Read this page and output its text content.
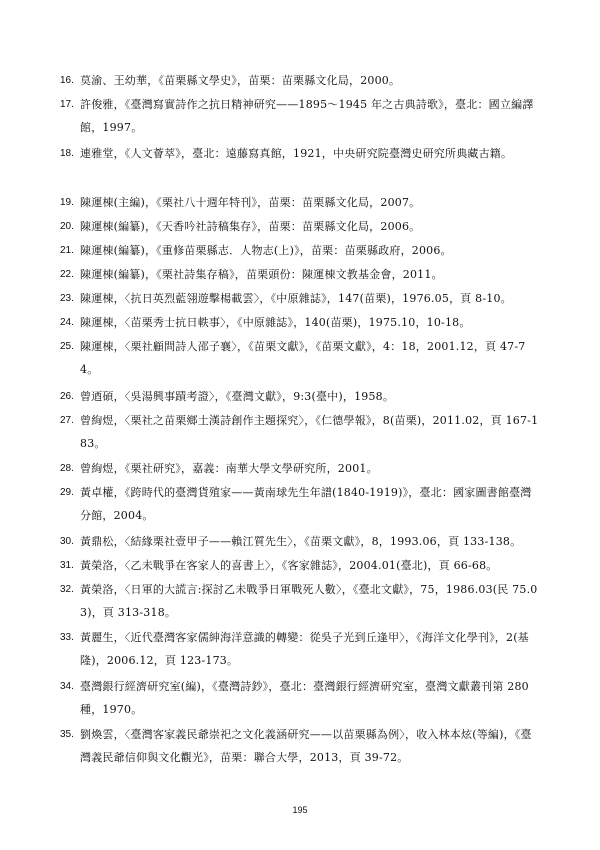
16. 莫渝、王幼華，《苗栗縣文學史》，苗栗：苗栗縣文化局，2000。
17. 許俊雅，《臺灣寫實詩作之抗日精神研究——1895～1945 年之古典詩歌》，臺北：國立編譯館，1997。
18. 連雅堂，《人文薈萃》，臺北：遠藤寫真館，1921，中央研究院臺灣史研究所典藏古籍。
19. 陳運棟(主編)，《栗社八十週年特刊》，苗栗：苗栗縣文化局，2007。
20. 陳運棟(編纂)，《天香吟社詩稿集存》，苗栗：苗栗縣文化局，2006。
21. 陳運棟(編纂)，《重修苗栗縣志．人物志(上)》，苗栗：苗栗縣政府，2006。
22. 陳運棟(編纂)，《栗社詩集存稿》，苗栗頭份：陳運棟文教基金會，2011。
23. 陳運棟，〈抗日英烈藍翎遊擊楊載雲〉，《中原雜誌》，147(苗栗)，1976.05，頁 8-10。
24. 陳運棟，〈苗栗秀士抗日軼事〉，《中原雜誌》，140(苗栗)，1975.10，10-18。
25. 陳運棟，〈栗社顧問詩人邵子襄〉，《苗栗文獻》，《苗栗文獻》，4：18，2001.12，頁 47-74。
26. 曾迺碩，〈吳湯興事蹟考證〉，《臺灣文獻》，9:3(臺中)，1958。
27. 曾絢煜，〈栗社之苗栗鄉土漢詩創作主題探究〉，《仁德學報》，8(苗栗)，2011.02，頁 167-183。
28. 曾絢煜，《栗社研究》，嘉義：南華大學文學研究所，2001。
29. 黃卓權，《跨時代的臺灣貨殖家——黃南球先生年譜(1840-1919)》，臺北：國家圖書館臺灣分館，2004。
30. 黃鼎松，〈結緣栗社壹甲子——賴江質先生〉，《苗栗文獻》，8，1993.06，頁 133-138。
31. 黃榮洛，〈乙未戰爭在客家人的喜書上〉，《客家雜誌》，2004.01(臺北)，頁 66-68。
32. 黃榮洛，〈日軍的大謊言:探討乙未戰爭日軍戰死人數〉，《臺北文獻》，75，1986.03(民 75.03)，頁 313-318。
33. 黃麗生，〈近代臺灣客家儒紳海洋意識的轉變：從吳子光到丘逢甲〉，《海洋文化學刊》，2(基隆)，2006.12，頁 123-173。
34. 臺灣銀行經濟研究室(編)，《臺灣詩鈔》，臺北：臺灣銀行經濟研究室，臺灣文獻叢刊第 280 種，1970。
35. 劉煥雲，〈臺灣客家義民爺崇祀之文化義涵研究——以苗栗縣為例〉，收入林本炫(等編)，《臺灣義民爺信仰與文化觀光》，苗栗：聯合大學，2013，頁 39-72。
195
